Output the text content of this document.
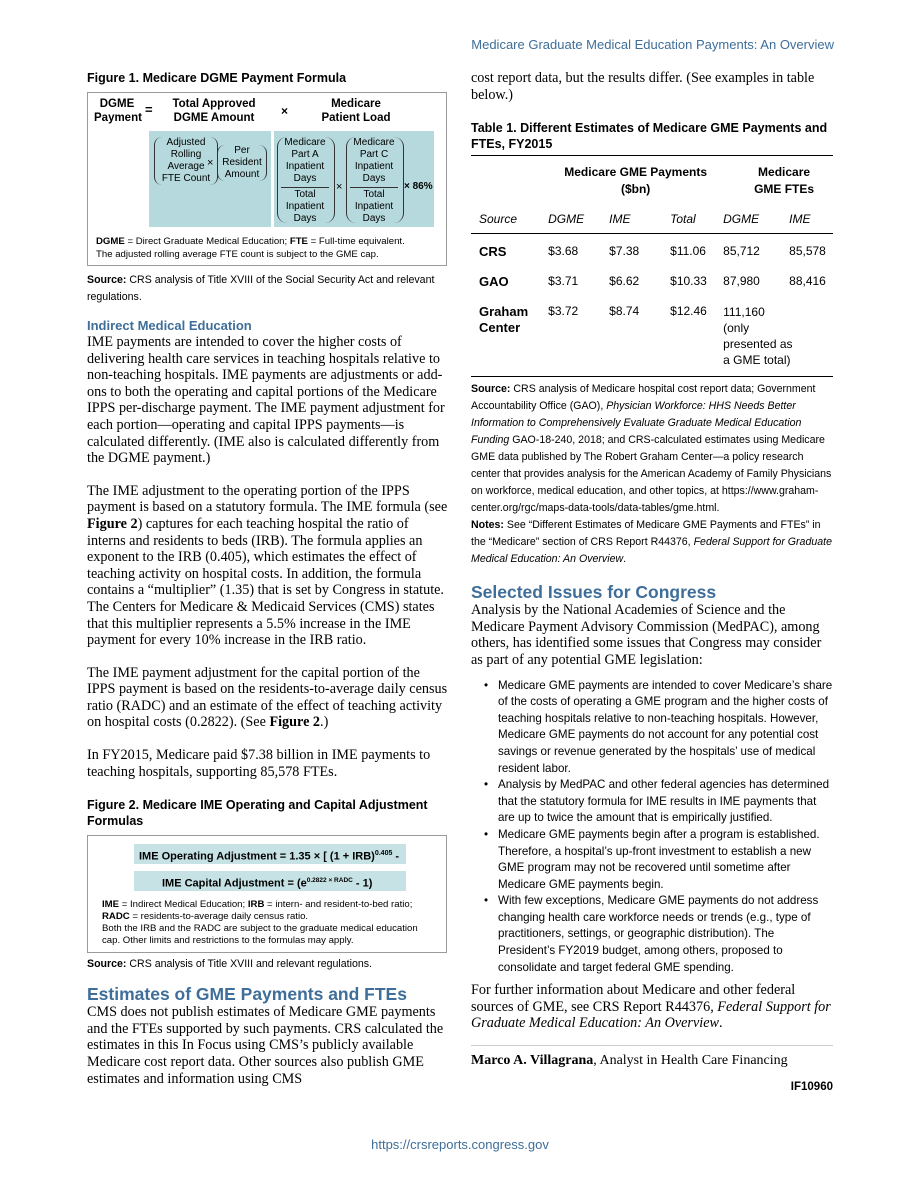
Medicare Graduate Medical Education Payments: An Overview

Figure 1. Medicare DGME Payment Formula

DGME
Payment
=	Total Approved
DGME Amount	×	Medicare
Patient Load
Adjusted
Rolling
Average
FTE Count
×
Per
Resident
Amount
Medicare
Part A
Inpatient
Days
Total
Inpatient
Days
×
Medicare
Part C
Inpatient
Days
Total
Inpatient
Days
× 86%
DGME = Direct Graduate Medical Education; FTE = Full-time equivalent.
The adjusted rolling average FTE count is subject to the GME cap.

Source: CRS analysis of Title XVIII of the Social Security Act and relevant regulations.

Indirect Medical Education

IME payments are intended to cover the higher costs of delivering health care services in teaching hospitals relative to non-teaching hospitals. IME payments are adjustments or add-ons to both the operating and capital portions of the Medicare IPPS per-discharge payment. The IME payment adjustment for each portion—operating and capital IPPS payments—is calculated differently. (IME also is calculated differently from the DGME payment.)

The IME adjustment to the operating portion of the IPPS payment is based on a statutory formula. The IME formula (see Figure 2) captures for each teaching hospital the ratio of interns and residents to beds (IRB). The formula applies an exponent to the IRB (0.405), which estimates the effect of teaching activity on hospital costs. In addition, the formula contains a “multiplier” (1.35) that is set by Congress in statute. The Centers for Medicare & Medicaid Services (CMS) states that this multiplier represents a 5.5% increase in the IME payment for every 10% increase in the IRB ratio.

The IME payment adjustment for the capital portion of the IPPS payment is based on the residents-to-average daily census ratio (RADC) and an estimate of the effect of teaching activity on hospital costs (0.2822). (See Figure 2.)

In FY2015, Medicare paid $7.38 billion in IME payments to teaching hospitals, supporting 85,578 FTEs.

Figure 2. Medicare IME Operating and Capital Adjustment Formulas

IME Operating Adjustment = 1.35 × [ (1 + IRB)$^{0.405}$ -
IME Capital Adjustment = $(e^{0.2822 \times RADC} - 1)$
IME = Indirect Medical Education; IRB = intern- and resident-to-bed ratio;
RADC = residents-to-average daily census ratio.
Both the IRB and the RADC are subject to the graduate medical education cap. Other limits and restrictions to the formulas may apply.

Source: CRS analysis of Title XVIII and relevant regulations.

Estimates of GME Payments and FTEs

CMS does not publish estimates of Medicare GME payments and the FTEs supported by such payments. CRS calculated the estimates in this In Focus using CMS’s publicly available Medicare cost report data. Other sources also publish GME estimates and information using CMS

cost report data, but the results differ. (See examples in table below.)

Table 1. Different Estimates of Medicare GME Payments and FTEs, FY2015

	Medicare GME Payments ($bn)			Medicare GME FTEs	
Source	DGME	IME	Total	DGME	IME
CRS	$3.68	$7.38	$11.06	85,712	85,578
GAO	$3.71	$6.62	$10.33	87,980	88,416
Graham Center	$3.72	$8.74	$12.46	111,160 (only presented as a GME total)	

Source: CRS analysis of Medicare hospital cost report data; Government Accountability Office (GAO), Physician Workforce: HHS Needs Better Information to Comprehensively Evaluate Graduate Medical Education Funding GAO-18-240, 2018; and CRS-calculated estimates using Medicare GME data published by The Robert Graham Center—a policy research center that provides analysis for the American Academy of Family Physicians on workforce, medical education, and other topics, at https://www.graham-center.org/rgc/maps-data-tools/data-tables/gme.html.

Notes: See “Different Estimates of Medicare GME Payments and FTEs” in the “Medicare” section of CRS Report R44376, Federal Support for Graduate Medical Education: An Overview.

Selected Issues for Congress

Analysis by the National Academies of Science and the Medicare Payment Advisory Commission (MedPAC), among others, has identified some issues that Congress may consider as part of any potential GME legislation:

• Medicare GME payments are intended to cover Medicare’s share of the costs of operating a GME program and the higher costs of teaching hospitals relative to non-teaching hospitals. However, Medicare GME payments do not account for any potential cost savings or revenue generated by the hospitals’ use of medical resident labor.
• Analysis by MedPAC and other federal agencies has determined that the statutory formula for IME results in IME payments that are up to twice the amount that is empirically justified.
• Medicare GME payments begin after a program is established. Therefore, a hospital’s up-front investment to establish a new GME program may not be recovered until sometime after Medicare GME payments begin.
• With few exceptions, Medicare GME payments do not address changing health care workforce needs or trends (e.g., type of practitioners, settings, or geographic distribution). The President’s FY2019 budget, among others, proposed to consolidate and target federal GME spending.

For further information about Medicare and other federal sources of GME, see CRS Report R44376, Federal Support for Graduate Medical Education: An Overview.

Marco A. Villagrana, Analyst in Health Care Financing

IF10960

https://crsreports.congress.gov
